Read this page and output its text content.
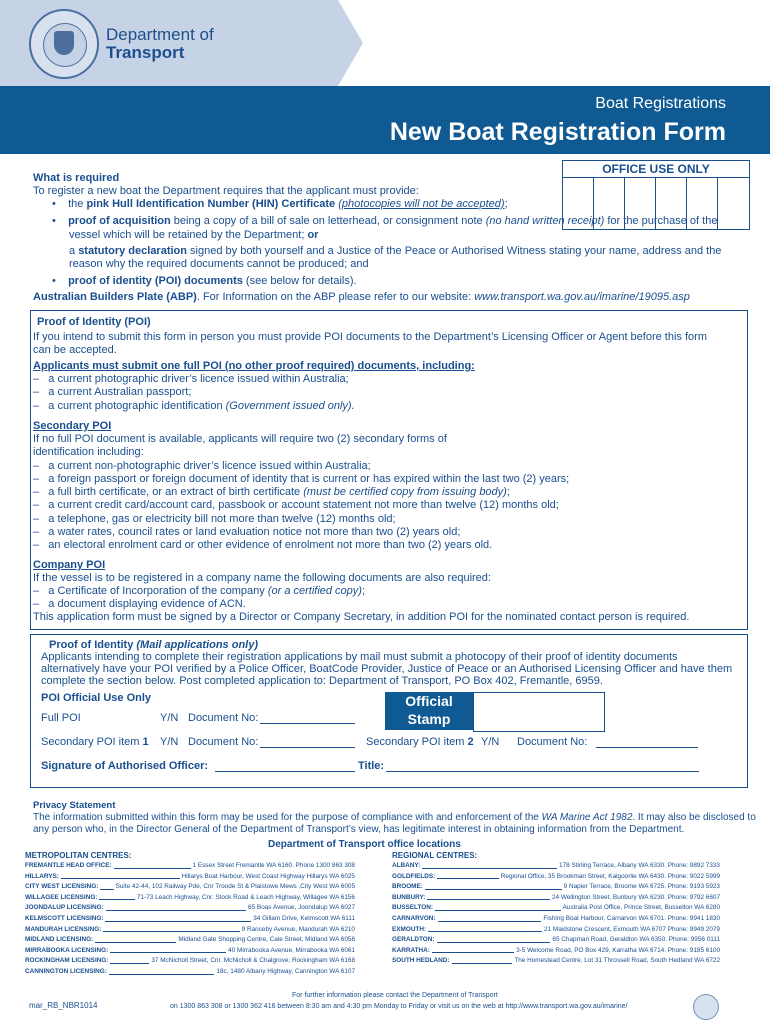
Department of
Transport
Boat Registrations
New Boat Registration Form
OFFICE USE ONLY
What is required
To register a new boat the Department requires that the applicant must provide:
•    the pink Hull Identification Number (HIN) Certificate (photocopies will not be accepted);
•    proof of acquisition being a copy of a bill of sale on letterhead, or consignment note (no hand written receipt) for the purchase of the
vessel which will be retained by the Department; or
a statutory declaration signed by both yourself and a Justice of the Peace or Authorised Witness stating your name, address and the
reason why the required documents cannot be produced; and
•    proof of identity (POI) documents (see below for details).
Australian Builders Plate (ABP). For Information on the ABP please refer to our website: www.transport.wa.gov.au/imarine/19095.asp
Proof of Identity (POI)
If you intend to submit this form in person you must provide POI documents to the Department’s Licensing Officer or Agent before this form
can be accepted.
Applicants must submit one full POI (no other proof required) documents, including:
– a current photographic driver’s licence issued within Australia;
– a current Australian passport;
– a current photographic identification (Government issued only).
Secondary POI
If no full POI document is available, applicants will require two (2) secondary forms of
identification including:
– a current non-photographic driver’s licence issued within Australia;
– a foreign passport or foreign document of identity that is current or has expired within the last two (2) years;
– a full birth certificate, or an extract of birth certificate (must be certified copy from issuing body);
– a current credit card/account card, passbook or account statement not more than twelve (12) months old;
– a telephone, gas or electricity bill not more than twelve (12) months old;
– a water rates, council rates or land evaluation notice not more than two (2) years old;
– an electoral enrolment card or other evidence of enrolment not more than two (2) years old.
Company POI
If the vessel is to be registered in a company name the following documents are also required:
– a Certificate of Incorporation of the company (or a certified copy);
– a document displaying evidence of ACN.
This application form must be signed by a Director or Company Secretary, in addition POI for the nominated contact person is required.
Proof of Identity (Mail applications only)
Applicants intending to complete their registration applications by mail must submit a photocopy of their proof of identity documents
alternatively have your POI verified by a Police Officer, BoatCode Provider, Justice of Peace or an Authorised Licensing Officer and have them
complete the section below. Post completed application to: Department of Transport, PO Box 402, Fremantle, 6959.
POI Official Use Only	Official
Stamp
Full POI	Y/N Document No:
Secondary POI item 1 Y/N Document No:	Secondary POI item 2 Y/N Document No:
Signature of Authorised Officer:	Title:
Privacy Statement
The information submitted within this form may be used for the purpose of compliance with and enforcement of the WA Marine Act 1982. It may also be disclosed to
any person who, in the Director General of the Department of Transport’s view, has legitimate interest in obtaining information from the Department.
Department of Transport office locations
METROPOLITAN CENTRES:	REGIONAL CENTRES:
FREMANTLE HEAD OFFICE:	1 Essex Street Fremantle WA 6160. Phone 1300 863 308
HILLARYS:	Hillarys Boat Harbour, West Coast Highway Hillarys WA 6025
CITY WEST LICENSING:	Suite 42-44, 102 Railway Pde, Cnr Troode St & Plaistowe Mews ,City West WA 6005
WILLAGEE LICENSING:	71-73 Leach Highway, Cnr. Stock Road & Leach Highway, Willagee WA 6156
JOONDALUP LICENSING:	65 Boas Avenue, Joondalup WA 6027
KELMSCOTT LICENSING:	34 Gillam Drive, Kelmscott WA 6111
MANDURAH LICENSING:	9 Ranceby Avenue, Mandurah WA 6210
MIDLAND LICENSING:	Midland Gate Shopping Centre, Cale Street, Midland WA 6056
MIRRABOOKA LICENSING:	40 Mirrabooka Avenue, Mirrabooka WA 6061
ROCKINGHAM LICENSING:	37 McNicholl Street, Cnr. McNicholl & Chalgrove, Rockingham WA 6168
CANNINGTON LICENSING:	18c, 1480 Albany Highway, Cannington WA 6107
ALBANY:	178 Stirling Terrace, Albany WA 6330. Phone: 9892 7333
GOLDFIELDS:	Regional Office, 35 Brookman Street, Kalgoorlie WA 6430. Phone: 9022 5999
BROOME:	9 Napier Terrace, Broome WA 6725. Phone: 9193 5923
BUNBURY:	24 Wellington Street, Bunbury WA 6230. Phone: 9792 6607
BUSSELTON:	Australia Post Office, Prince Street, Busselton WA 6280
CARNARVON:	Fishing Boat Harbour, Carnarvon WA 6701. Phone: 9941 1830
EXMOUTH:	21 Maidstone Crescent, Exmouth WA 6707 Phone: 9949 2079
GERALDTON:	65 Chapman Road, Geraldton WA 6350. Phone: 9956 0111
KARRATHA:	3-5 Welcome Road, PO Box 429, Karratha WA 6714. Phone: 9185 6100
SOUTH HEDLAND:	The Homestead Centre, Lot 31 Throssell Road, South Hedland WA 6722
mar_RB_NBR1014
For further information please contact the Department of Transport
on 1300 863 308 or 1300 362 416 between 8:30 am and 4:30 pm Monday to Friday or visit us on the web at http://www.transport.wa.gov.au/imarine/
